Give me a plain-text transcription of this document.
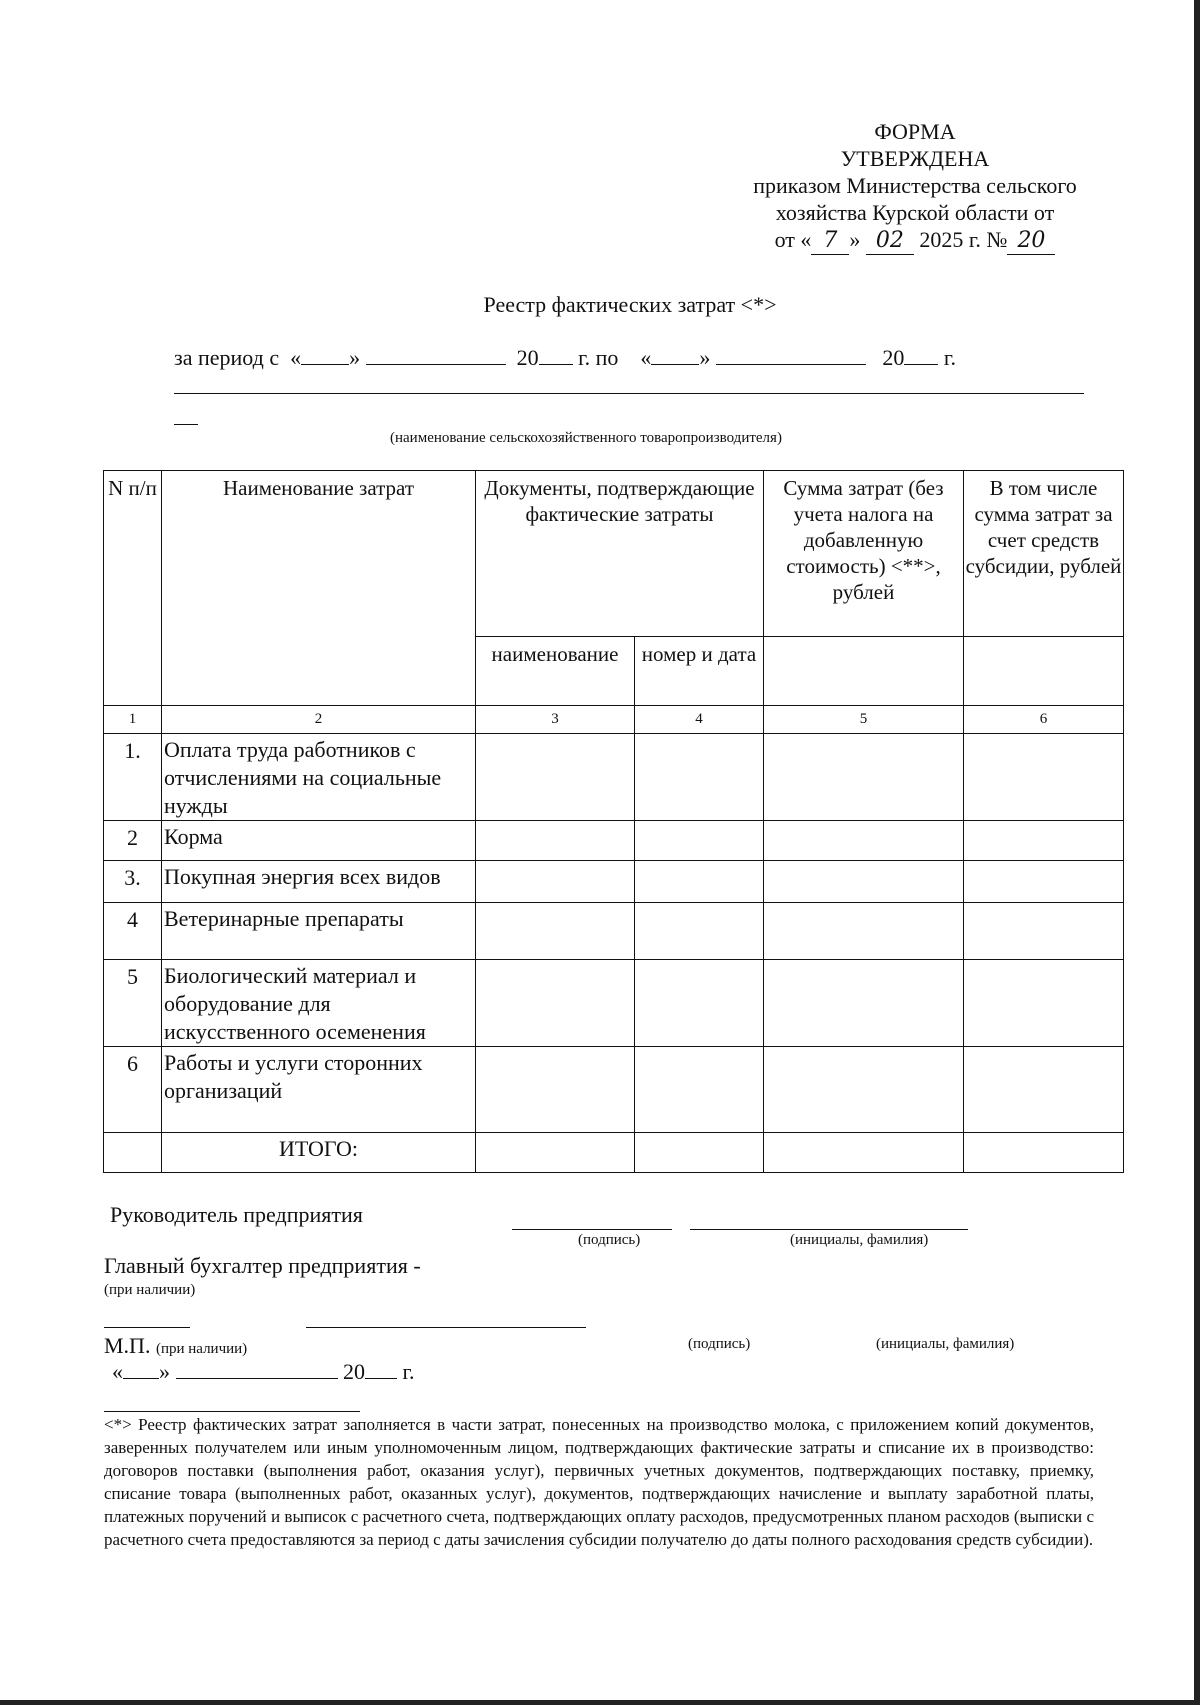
ФОРМА
УТВЕРЖДЕНА
приказом Министерства сельского
хозяйства Курской области от
от « 7 » 02 2025 г. № 20
Реестр фактических затрат <*>
за период с « »	20 г. по « »	20 г.
(наименование сельскохозяйственного товаропроизводителя)
N п/п	Наименование затрат	Документы, подтверждающие фактические затраты		Сумма затрат (без учета налога на добавленную стоимость) <**>, рублей	В том числе сумма затрат за счет средств субсидии, рублей
		наименование	номер и дата		
1	2	3	4	5	6
1.	Оплата труда работников с отчислениями на социальные нужды				
2	Корма				
3.	Покупная энергия всех видов				
4	Ветеринарные препараты				
5	Биологический материал и оборудование для искусственного осеменения				
6	Работы и услуги сторонних организаций				
	ИТОГО:				
Руководитель предприятия
(подпись)	(инициалы, фамилия)
Главный бухгалтер предприятия -
(при наличии)
М.П. (при наличии)	(подпись)	(инициалы, фамилия)
« »	20 г.
<*> Реестр фактических затрат заполняется в части затрат, понесенных на производство молока, с приложением копий документов, заверенных получателем или иным уполномоченным лицом, подтверждающих фактические затраты и списание их в производство: договоров поставки (выполнения работ, оказания услуг), первичных учетных документов, подтверждающих поставку, приемку, списание товара (выполненных работ, оказанных услуг), документов, подтверждающих начисление и выплату заработной платы, платежных поручений и выписок с расчетного счета, подтверждающих оплату расходов, предусмотренных планом расходов (выписки с расчетного счета предоставляются за период с даты зачисления субсидии получателю до даты полного расходования средств субсидии).
